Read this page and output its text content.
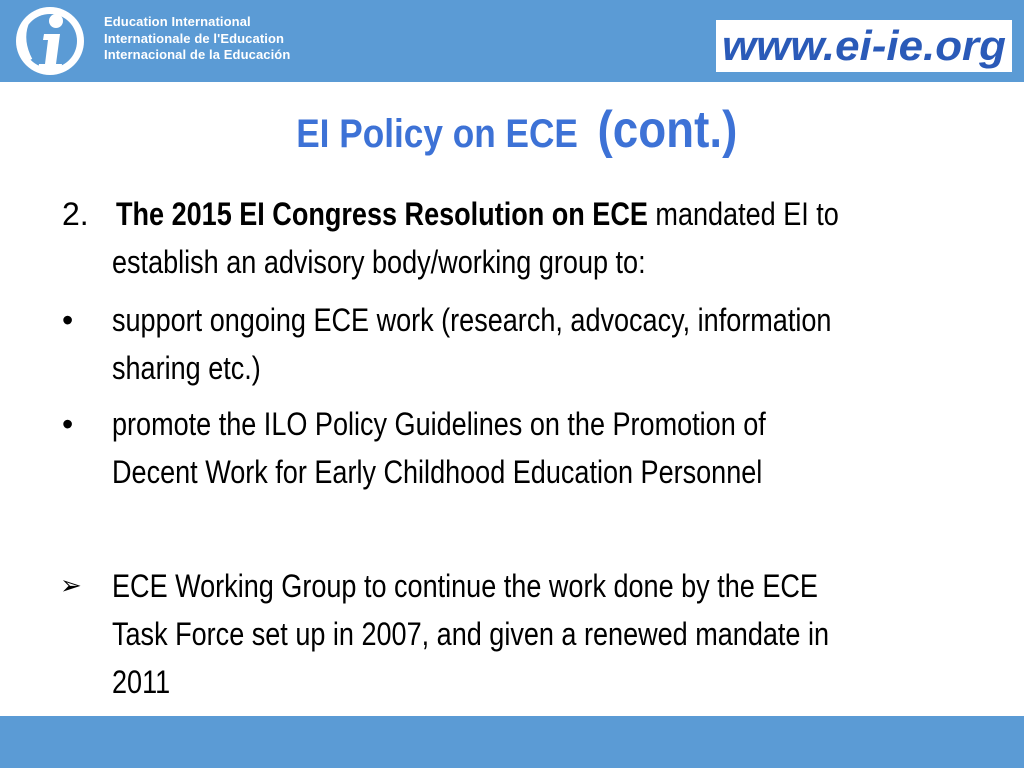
Education International
Internationale de l'Education
Internacional de la Educación	www.ei-ie.org
EI Policy on ECE (cont.)
2. The 2015 EI Congress Resolution on ECE mandated EI to
establish an advisory body/working group to:
• support ongoing ECE work (research, advocacy, information
sharing etc.)
• promote the ILO Policy Guidelines on the Promotion of
Decent Work for Early Childhood Education Personnel
➢ ECE Working Group to continue the work done by the ECE
Task Force set up in 2007, and given a renewed mandate in
2011
